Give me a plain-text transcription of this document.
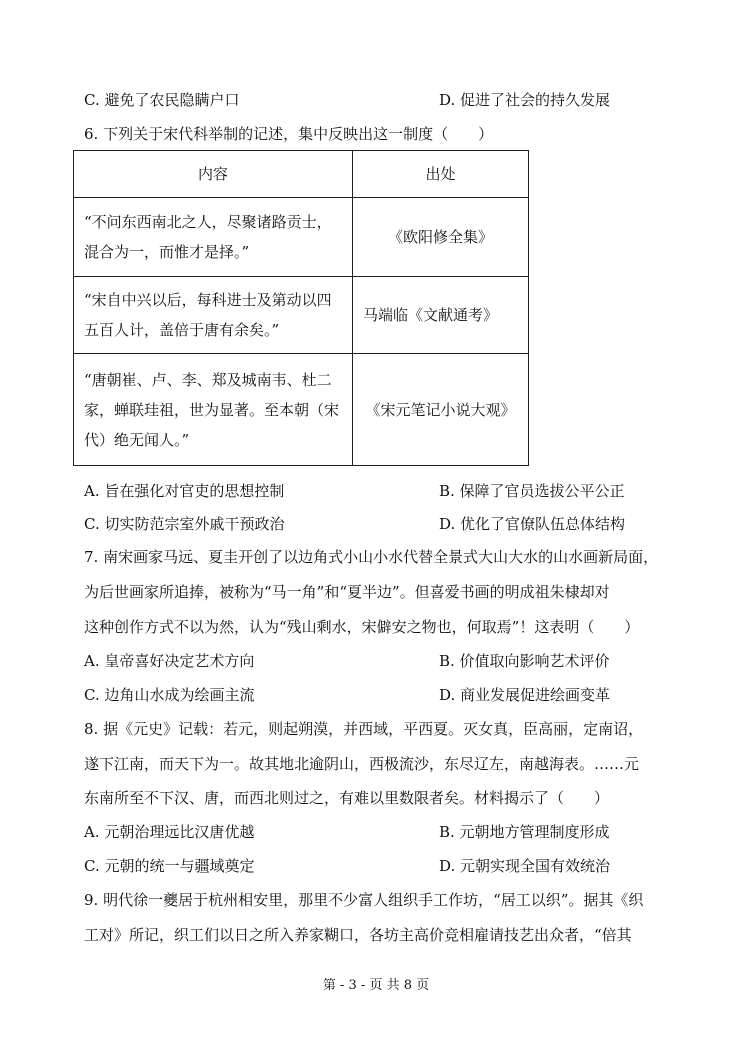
C. 避免了农民隐瞒户口	D. 促进了社会的持久发展
6. 下列关于宋代科举制的记述，集中反映出这一制度（　　）
内容	出处

“不问东西南北之人，尽聚诸路贡士，
混合为一，而惟才是择。”	《欧阳修全集》

“宋自中兴以后，每科进士及第动以四
五百人计，盖倍于唐有余矣。”	马端临《文献通考》

“唐朝崔、卢、李、郑及城南韦、杜二
家，蝉联珪祖，世为显著。至本朝（宋
代）绝无闻人。”	《宋元笔记小说大观》
A. 旨在强化对官吏的思想控制	B. 保障了官员选拔公平公正
C. 切实防范宗室外戚干预政治	D. 优化了官僚队伍总体结构
7. 南宋画家马远、夏圭开创了以边角式小山小水代替全景式大山大水的山水画新局面，
为后世画家所追捧，被称为“马一角”和“夏半边”。但喜爱书画的明成祖朱棣却对
这种创作方式不以为然，认为“残山剩水，宋僻安之物也，何取焉”！这表明（　　）
A. 皇帝喜好决定艺术方向	B. 价值取向影响艺术评价
C. 边角山水成为绘画主流	D. 商业发展促进绘画变革
8. 据《元史》记载：若元，则起朔漠，并西域，平西夏。灭女真，臣高丽，定南诏，
遂下江南，而天下为一。故其地北逾阴山，西极流沙，东尽辽左，南越海表。……元
东南所至不下汉、唐，而西北则过之，有难以里数限者矣。材料揭示了（　　）
A. 元朝治理远比汉唐优越	B. 元朝地方管理制度形成
C. 元朝的统一与疆域奠定	D. 元朝实现全国有效统治
9. 明代徐一夔居于杭州相安里，那里不少富人组织手工作坊，“居工以织”。据其《织
工对》所记，织工们以日之所入养家糊口，各坊主高价竞相雇请技艺出众者，“倍其
第 - 3 - 页 共 8 页
